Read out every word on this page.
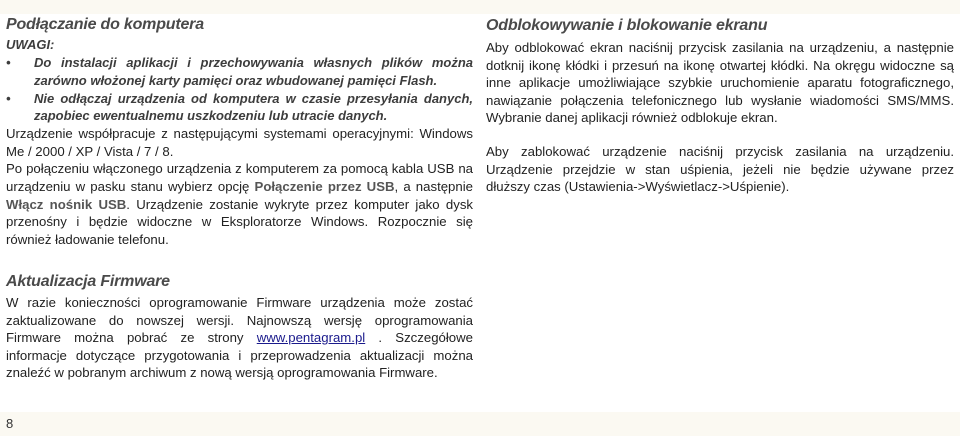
Podłączanie do komputera
UWAGI:
• Do instalacji aplikacji i przechowywania własnych plików można
zarówno włożonej karty pamięci oraz wbudowanej pamięci Flash.
• Nie odłączaj urządzenia od komputera w czasie przesyłania danych,
zapobiec ewentualnemu uszkodzeniu lub utracie danych.
Urządzenie współpracuje z następującymi systemami operacyjnymi: Windows
Me / 2000 / XP / Vista / 7 / 8.
Po połączeniu włączonego urządzenia z komputerem za pomocą kabla USB na
urządzeniu w pasku stanu wybierz opcję Połączenie przez USB, a następnie
Włącz nośnik USB. Urządzenie zostanie wykryte przez komputer jako dysk
przenośny i będzie widoczne w Eksploratorze Windows. Rozpocznie się
również ładowanie telefonu.
Aktualizacja Firmware
W razie konieczności oprogramowanie Firmware urządzenia może zostać
zaktualizowane do nowszej wersji. Najnowszą wersję oprogramowania
Firmware można pobrać ze strony www.pentagram.pl . Szczegółowe
informacje dotyczące przygotowania i przeprowadzenia aktualizacji można
znaleźć w pobranym archiwum z nową wersją oprogramowania Firmware.
Odblokowywanie i blokowanie ekranu
Aby odblokować ekran naciśnij przycisk zasilania na urządzeniu, a następnie
dotknij ikonę kłódki i przesuń na ikonę otwartej kłódki. Na okręgu widoczne są
inne aplikacje umożliwiające szybkie uruchomienie aparatu fotograficznego,
nawiązanie połączenia telefonicznego lub wysłanie wiadomości SMS/MMS.
Wybranie danej aplikacji również odblokuje ekran.
Aby zablokować urządzenie naciśnij przycisk zasilania na urządzeniu.
Urządzenie przejdzie w stan uśpienia, jeżeli nie będzie używane przez
dłuższy czas (Ustawienia->Wyświetlacz->Uśpienie).
8
